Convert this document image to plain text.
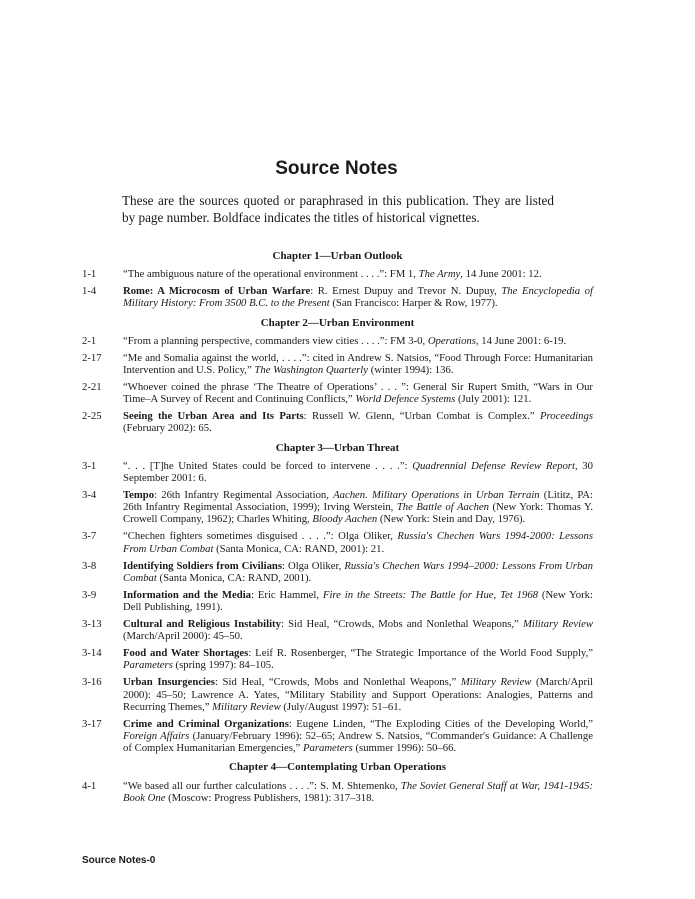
Source Notes
These are the sources quoted or paraphrased in this publication. They are listed by page number. Boldface indicates the titles of historical vignettes.
Chapter 1—Urban Outlook
1-1	“The ambiguous nature of the operational environment . . . .”: FM 1, The Army, 14 June 2001: 12.
1-4	Rome: A Microcosm of Urban Warfare: R. Ernest Dupuy and Trevor N. Dupuy, The Encyclopedia of Military History: From 3500 B.C. to the Present (San Francisco: Harper & Row, 1977).
Chapter 2—Urban Environment
2-1	“From a planning perspective, commanders view cities . . . .”: FM 3-0, Operations, 14 June 2001: 6-19.
2-17	“Me and Somalia against the world, . . . .”: cited in Andrew S. Natsios, “Food Through Force: Humanitarian Intervention and U.S. Policy,” The Washington Quarterly (winter 1994): 136.
2-21	“Whoever coined the phrase ‘The Theatre of Operations’ . . . ”: General Sir Rupert Smith, “Wars in Our Time–A Survey of Recent and Continuing Conflicts,” World Defence Systems (July 2001): 121.
2-25	Seeing the Urban Area and Its Parts: Russell W. Glenn, “Urban Combat is Complex.” Proceedings (February 2002): 65.
Chapter 3—Urban Threat
3-1	“. . . [T]he United States could be forced to intervene . . . .”: Quadrennial Defense Review Report, 30 September 2001: 6.
3-4	Tempo: 26th Infantry Regimental Association, Aachen. Military Operations in Urban Terrain (Lititz, PA: 26th Infantry Regimental Association, 1999); Irving Werstein, The Battle of Aachen (New York: Thomas Y. Crowell Company, 1962); Charles Whiting, Bloody Aachen (New York: Stein and Day, 1976).
3-7	“Chechen fighters sometimes disguised . . . .”: Olga Oliker, Russia's Chechen Wars 1994-2000: Lessons From Urban Combat (Santa Monica, CA: RAND, 2001): 21.
3-8	Identifying Soldiers from Civilians: Olga Oliker, Russia's Chechen Wars 1994–2000: Lessons From Urban Combat (Santa Monica, CA: RAND, 2001).
3-9	Information and the Media: Eric Hammel, Fire in the Streets: The Battle for Hue, Tet 1968 (New York: Dell Publishing, 1991).
3-13	Cultural and Religious Instability: Sid Heal, “Crowds, Mobs and Nonlethal Weapons,” Military Review (March/April 2000): 45–50.
3-14	Food and Water Shortages: Leif R. Rosenberger, “The Strategic Importance of the World Food Supply,” Parameters (spring 1997): 84–105.
3-16	Urban Insurgencies: Sid Heal, “Crowds, Mobs and Nonlethal Weapons,” Military Review (March/April 2000): 45–50; Lawrence A. Yates, “Military Stability and Support Operations: Analogies, Patterns and Recurring Themes,” Military Review (July/August 1997): 51–61.
3-17	Crime and Criminal Organizations: Eugene Linden, “The Exploding Cities of the Developing World,” Foreign Affairs (January/February 1996): 52–65; Andrew S. Natsios, “Commander's Guidance: A Challenge of Complex Humanitarian Emergencies,” Parameters (summer 1996): 50–66.
Chapter 4—Contemplating Urban Operations
4-1	“We based all our further calculations . . . .”: S. M. Shtemenko, The Soviet General Staff at War, 1941-1945: Book One (Moscow: Progress Publishers, 1981): 317–318.
Source Notes-0
